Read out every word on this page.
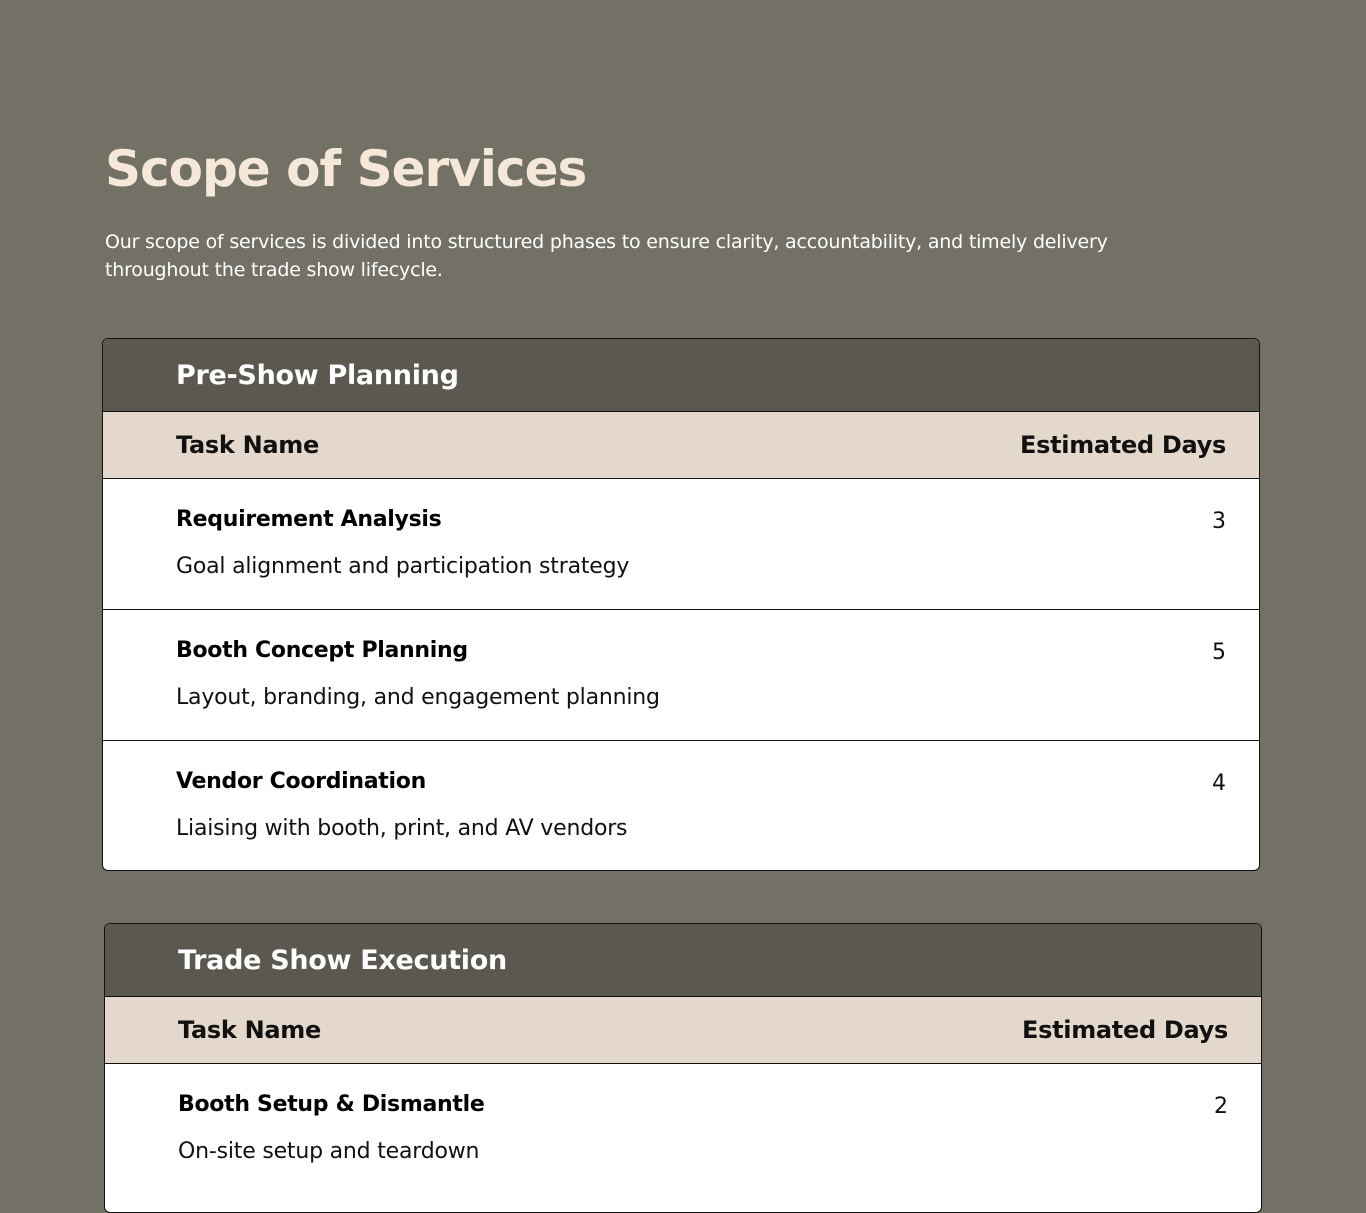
Scope of Services

Our scope of services is divided into structured phases to ensure clarity, accountability, and timely delivery throughout the trade show lifecycle.

Pre-Show Planning
Task Name	Estimated Days
Requirement Analysis
Goal alignment and participation strategy
3
Booth Concept Planning
Layout, branding, and engagement planning
5
Vendor Coordination
Liaising with booth, print, and AV vendors
4
Trade Show Execution
Task Name	Estimated Days
Booth Setup & Dismantle
On-site setup and teardown
2
